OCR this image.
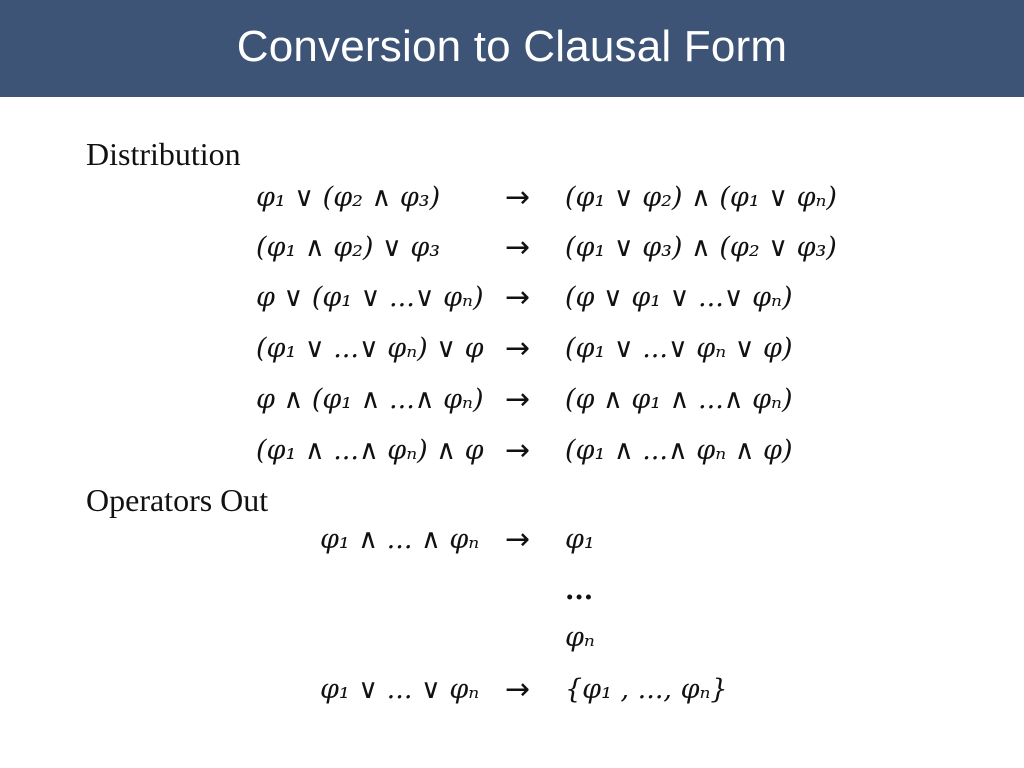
Conversion to Clausal Form
Distribution
φ₁ ∨ (φ₂ ∧ φ₃) → (φ₁ ∨ φ₂) ∧ (φ₁ ∨ φₙ)
(φ₁ ∧ φ₂) ∨ φ₃ → (φ₁ ∨ φ₃) ∧ (φ₂ ∨ φ₃)
φ ∨ (φ₁ ∨ ...∨ φₙ) → (φ ∨ φ₁ ∨ ...∨ φₙ)
(φ₁ ∨ ...∨ φₙ) ∨ φ → (φ₁ ∨ ...∨ φₙ ∨ φ)
φ ∧ (φ₁ ∧ ...∧ φₙ) → (φ ∧ φ₁ ∧ ...∧ φₙ)
(φ₁ ∧ ...∧ φₙ) ∧ φ → (φ₁ ∧ ...∧ φₙ ∧ φ)
Operators Out
φ₁ ∧ ... ∧ φₙ → φ₁
...
φₙ
φ₁ ∨ ... ∨ φₙ → {φ₁ , ..., φₙ}
